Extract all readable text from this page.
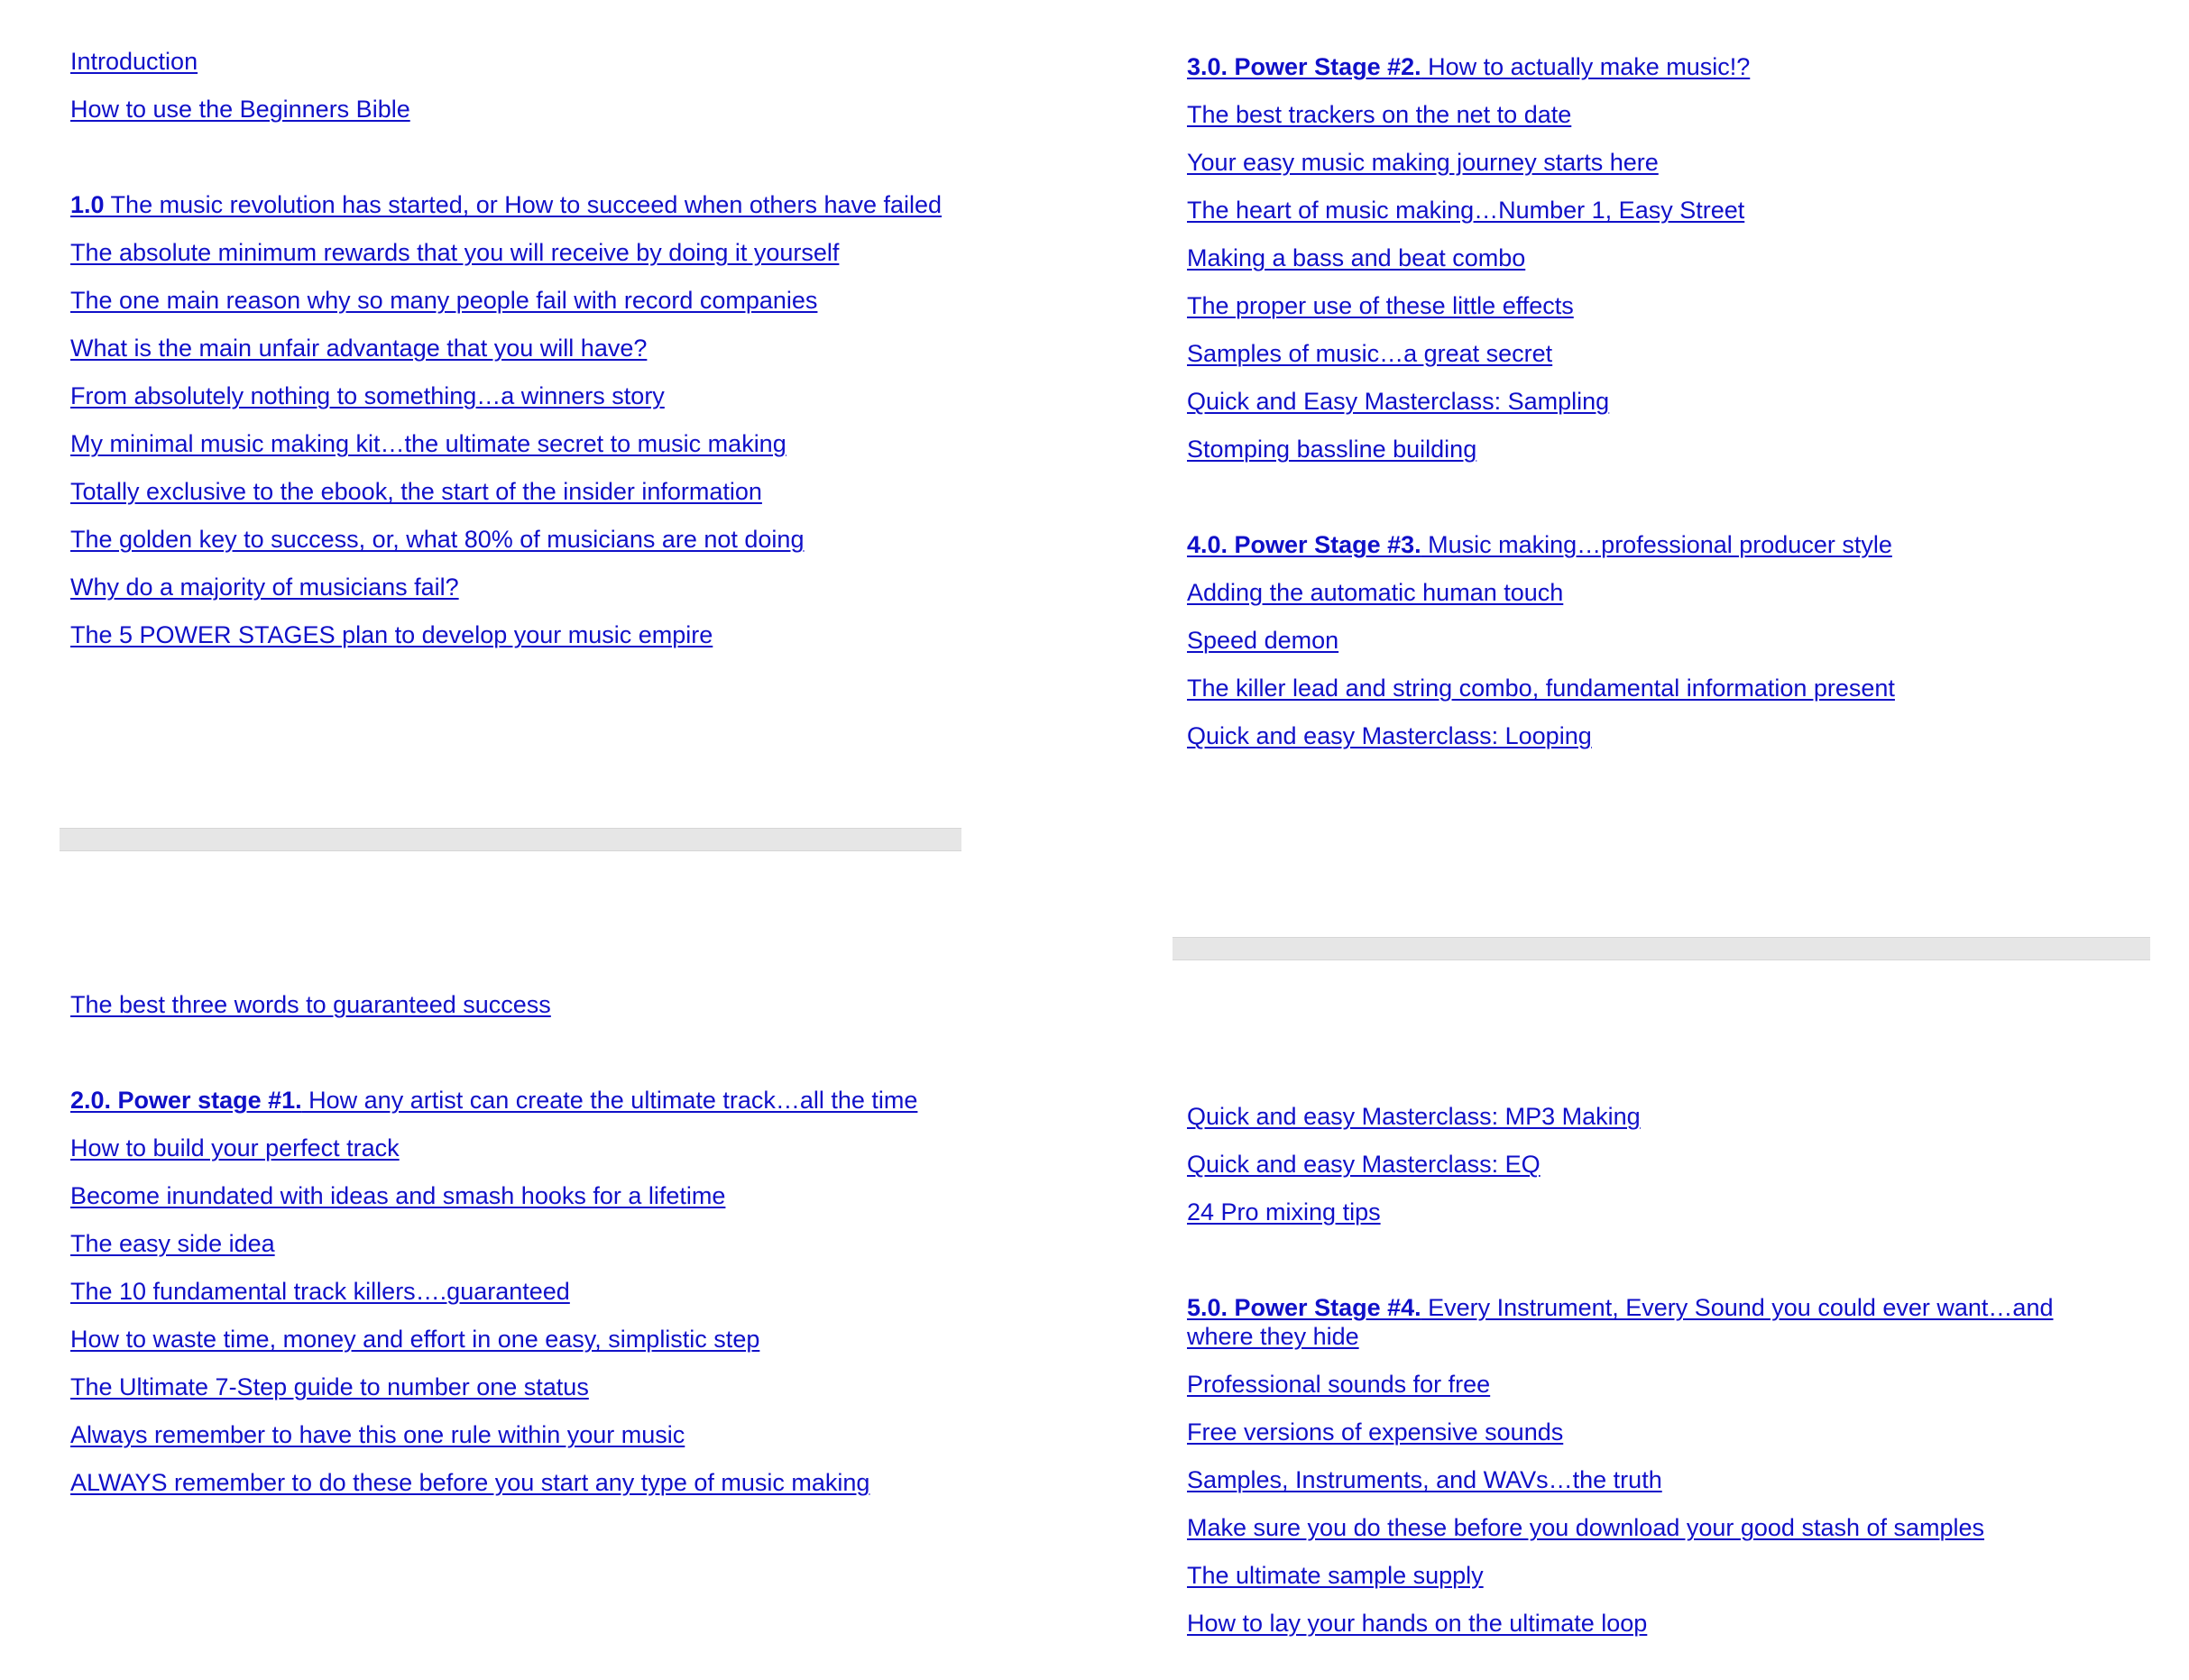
Introduction
How to use the Beginners Bible
1.0 The music revolution has started, or How to succeed when others have failed
The absolute minimum rewards that you will receive by doing it yourself
The one main reason why so many people fail with record companies
What is the main unfair advantage that you will have?
From absolutely nothing to something…a winners story
My minimal music making kit…the ultimate secret to music making
Totally exclusive to the ebook, the start of the insider information
The golden key to success, or, what 80% of musicians are not doing
Why do a majority of musicians fail?
The 5 POWER STAGES plan to develop your music empire
The best three words to guaranteed success
2.0. Power stage #1. How any artist can create the ultimate track…all the time
How to build your perfect track
Become inundated with ideas and smash hooks for a lifetime
The easy side idea
The 10 fundamental track killers….guaranteed
How to waste time, money and effort in one easy, simplistic step
The Ultimate 7-Step guide to number one status
Always remember to have this one rule within your music
ALWAYS remember to do these before you start any type of music making
3.0. Power Stage #2. How to actually make music!?
The best trackers on the net to date
Your easy music making journey starts here
The heart of music making…Number 1, Easy Street
Making a bass and beat combo
The proper use of these little effects
Samples of music…a great secret
Quick and Easy Masterclass: Sampling
Stomping bassline building
4.0. Power Stage #3. Music making…professional producer style
Adding the automatic human touch
Speed demon
The killer lead and string combo, fundamental information present
Quick and easy Masterclass: Looping
Quick and easy Masterclass: MP3 Making
Quick and easy Masterclass: EQ
24 Pro mixing tips
5.0. Power Stage #4. Every Instrument, Every Sound you could ever want…and where they hide
Professional sounds for free
Free versions of expensive sounds
Samples, Instruments, and WAVs…the truth
Make sure you do these before you download your good stash of samples
The ultimate sample supply
How to lay your hands on the ultimate loop
